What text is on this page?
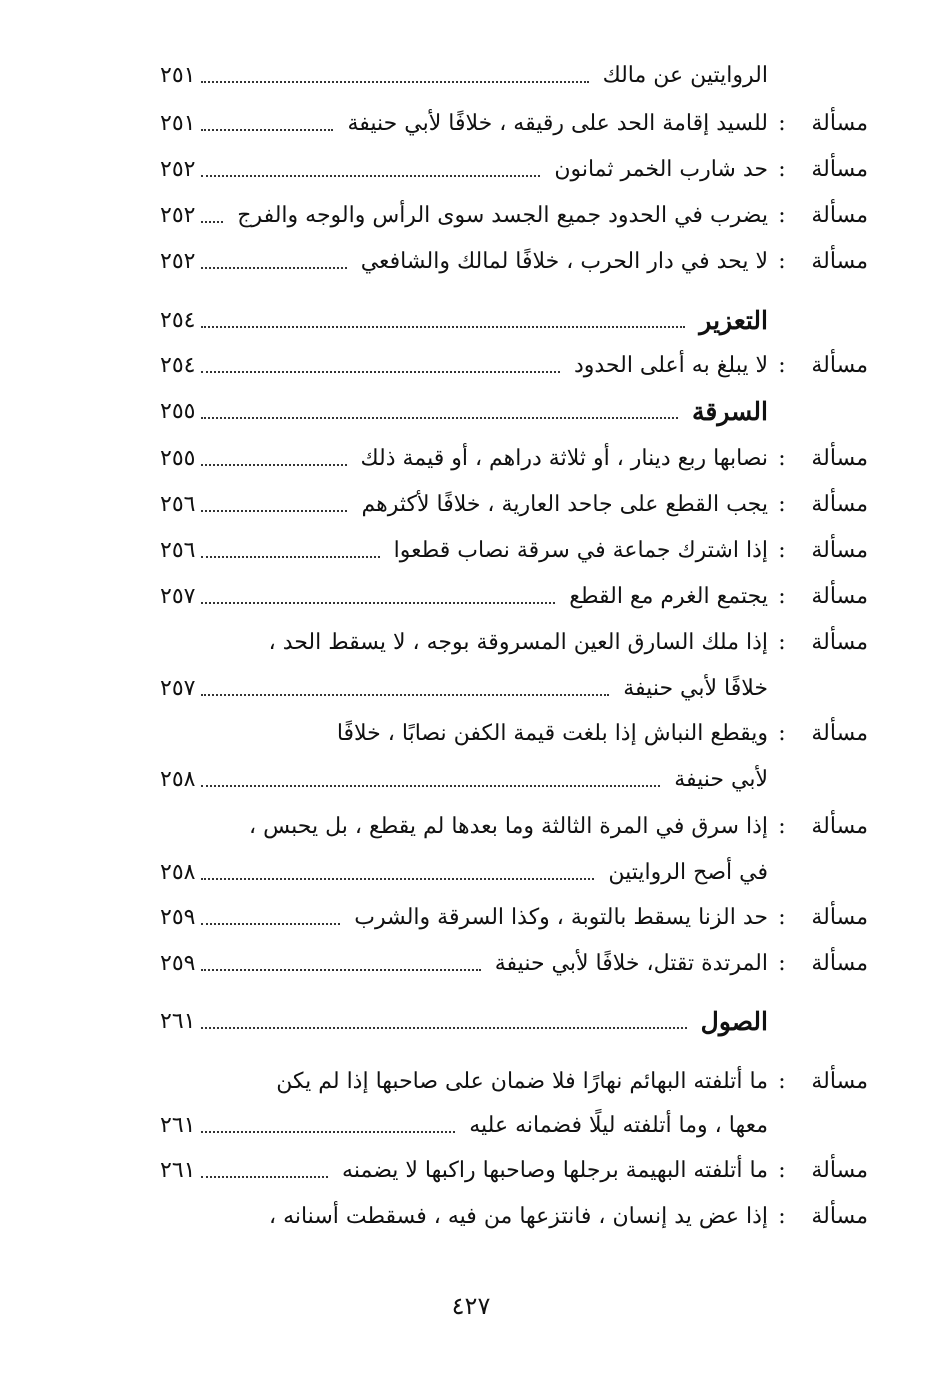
الروايتين عن مالك
٢٥١
مسألة
:
للسيد إقامة الحد على رقيقه ، خلافًا لأبي حنيفة
٢٥١
مسألة
:
حد شارب الخمر ثمانون
٢٥٢
مسألة
:
يضرب في الحدود جميع الجسد سوى الرأس والوجه والفرج
٢٥٢
مسألة
:
لا يحد في دار الحرب ، خلافًا لمالك والشافعي
٢٥٢
التعزير
٢٥٤
مسألة
:
لا يبلغ به أعلى الحدود
٢٥٤
السرقة
٢٥٥
مسألة
:
نصابها ربع دينار ، أو ثلاثة دراهم ، أو قيمة ذلك
٢٥٥
مسألة
:
يجب القطع على جاحد العارية ، خلافًا لأكثرهم
٢٥٦
مسألة
:
إذا اشترك جماعة في سرقة نصاب قطعوا
٢٥٦
مسألة
:
يجتمع الغرم مع القطع
٢٥٧
مسألة
:
إذا ملك السارق العين المسروقة بوجه ، لا يسقط الحد ،
خلافًا لأبي حنيفة
٢٥٧
مسألة
:
ويقطع النباش إذا بلغت قيمة الكفن نصابًا ، خلافًا
لأبي حنيفة
٢٥٨
مسألة
:
إذا سرق في المرة الثالثة وما بعدها لم يقطع ، بل يحبس ،
في أصح الروايتين
٢٥٨
مسألة
:
حد الزنا يسقط بالتوبة ، وكذا السرقة والشرب
٢٥٩
مسألة
:
المرتدة تقتل، خلافًا لأبي حنيفة
٢٥٩
الصول
٢٦١
مسألة
:
ما أتلفته البهائم نهارًا فلا ضمان على صاحبها إذا لم يكن
معها ، وما أتلفته ليلًا فضمانه عليه
٢٦١
مسألة
:
ما أتلفته البهيمة برجلها وصاحبها راكبها لا يضمنه
٢٦١
مسألة
:
إذا عض يد إنسان ، فانتزعها من فيه ، فسقطت أسنانه ،
٤٢٧
